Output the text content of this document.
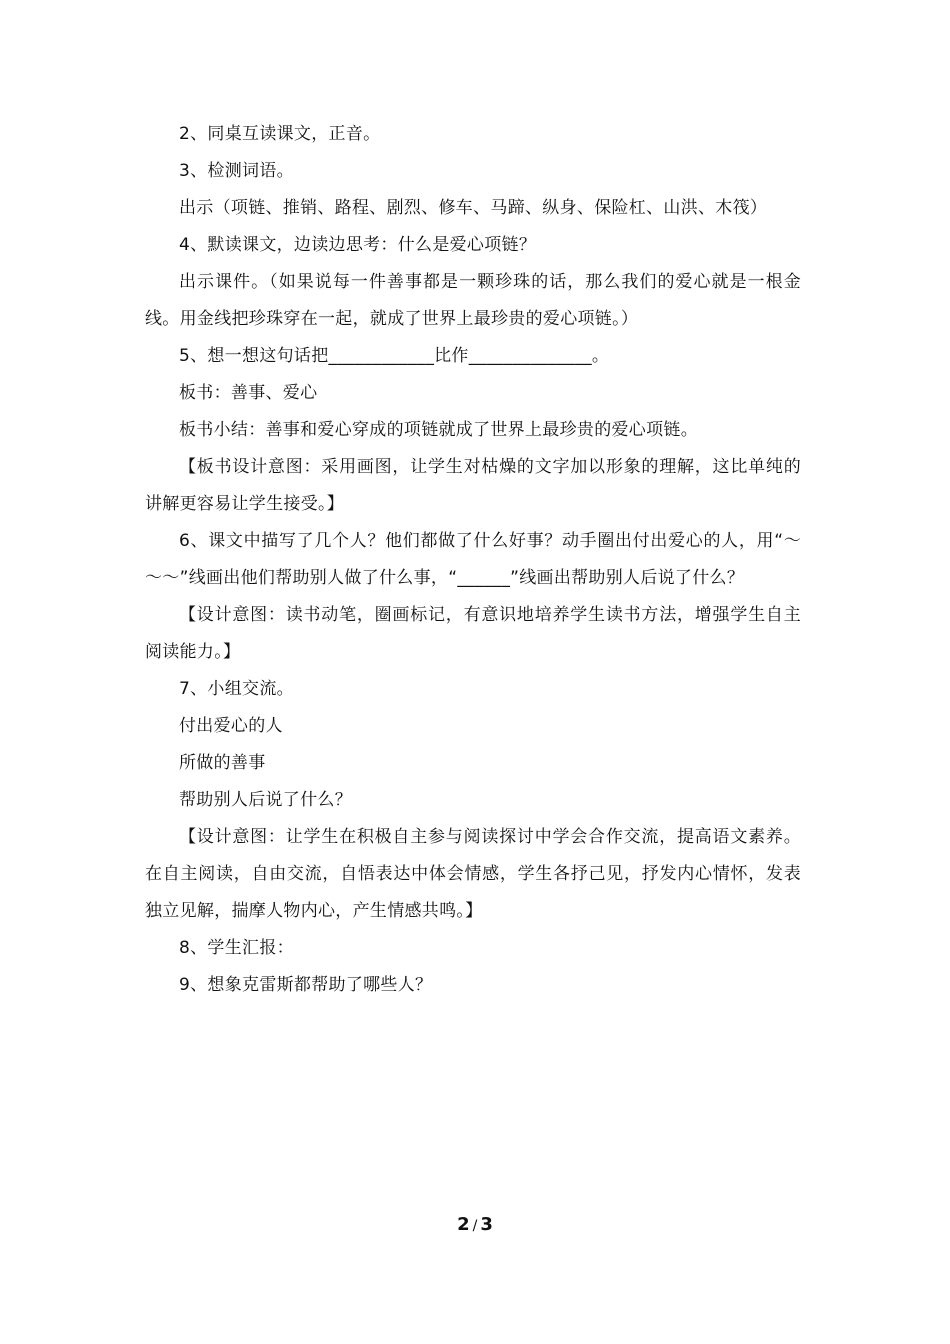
2、同桌互读课文，正音。

3、检测词语。

出示（项链、推销、路程、剧烈、修车、马蹄、纵身、保险杠、山洪、木筏）

4、默读课文，边读边思考：什么是爱心项链？

出示课件。（如果说每一件善事都是一颗珍珠的话，那么我们的爱心就是一根金线。用金线把珍珠穿在一起，就成了世界上最珍贵的爱心项链。）

5、想一想这句话把____________比作______________。

板书：善事、爱心

板书小结：善事和爱心穿成的项链就成了世界上最珍贵的爱心项链。

【板书设计意图：采用画图，让学生对枯燥的文字加以形象的理解，这比单纯的讲解更容易让学生接受。】

6、课文中描写了几个人？他们都做了什么好事？动手圈出付出爱心的人，用“～～～”线画出他们帮助别人做了什么事，“______”线画出帮助别人后说了什么？

【设计意图：读书动笔，圈画标记，有意识地培养学生读书方法，增强学生自主阅读能力。】

7、小组交流。

付出爱心的人

所做的善事

帮助别人后说了什么？

【设计意图：让学生在积极自主参与阅读探讨中学会合作交流，提高语文素养。在自主阅读，自由交流，自悟表达中体会情感，学生各抒己见，抒发内心情怀，发表独立见解，揣摩人物内心，产生情感共鸣。】

8、学生汇报：

9、想象克雷斯都帮助了哪些人？

2 / 3
